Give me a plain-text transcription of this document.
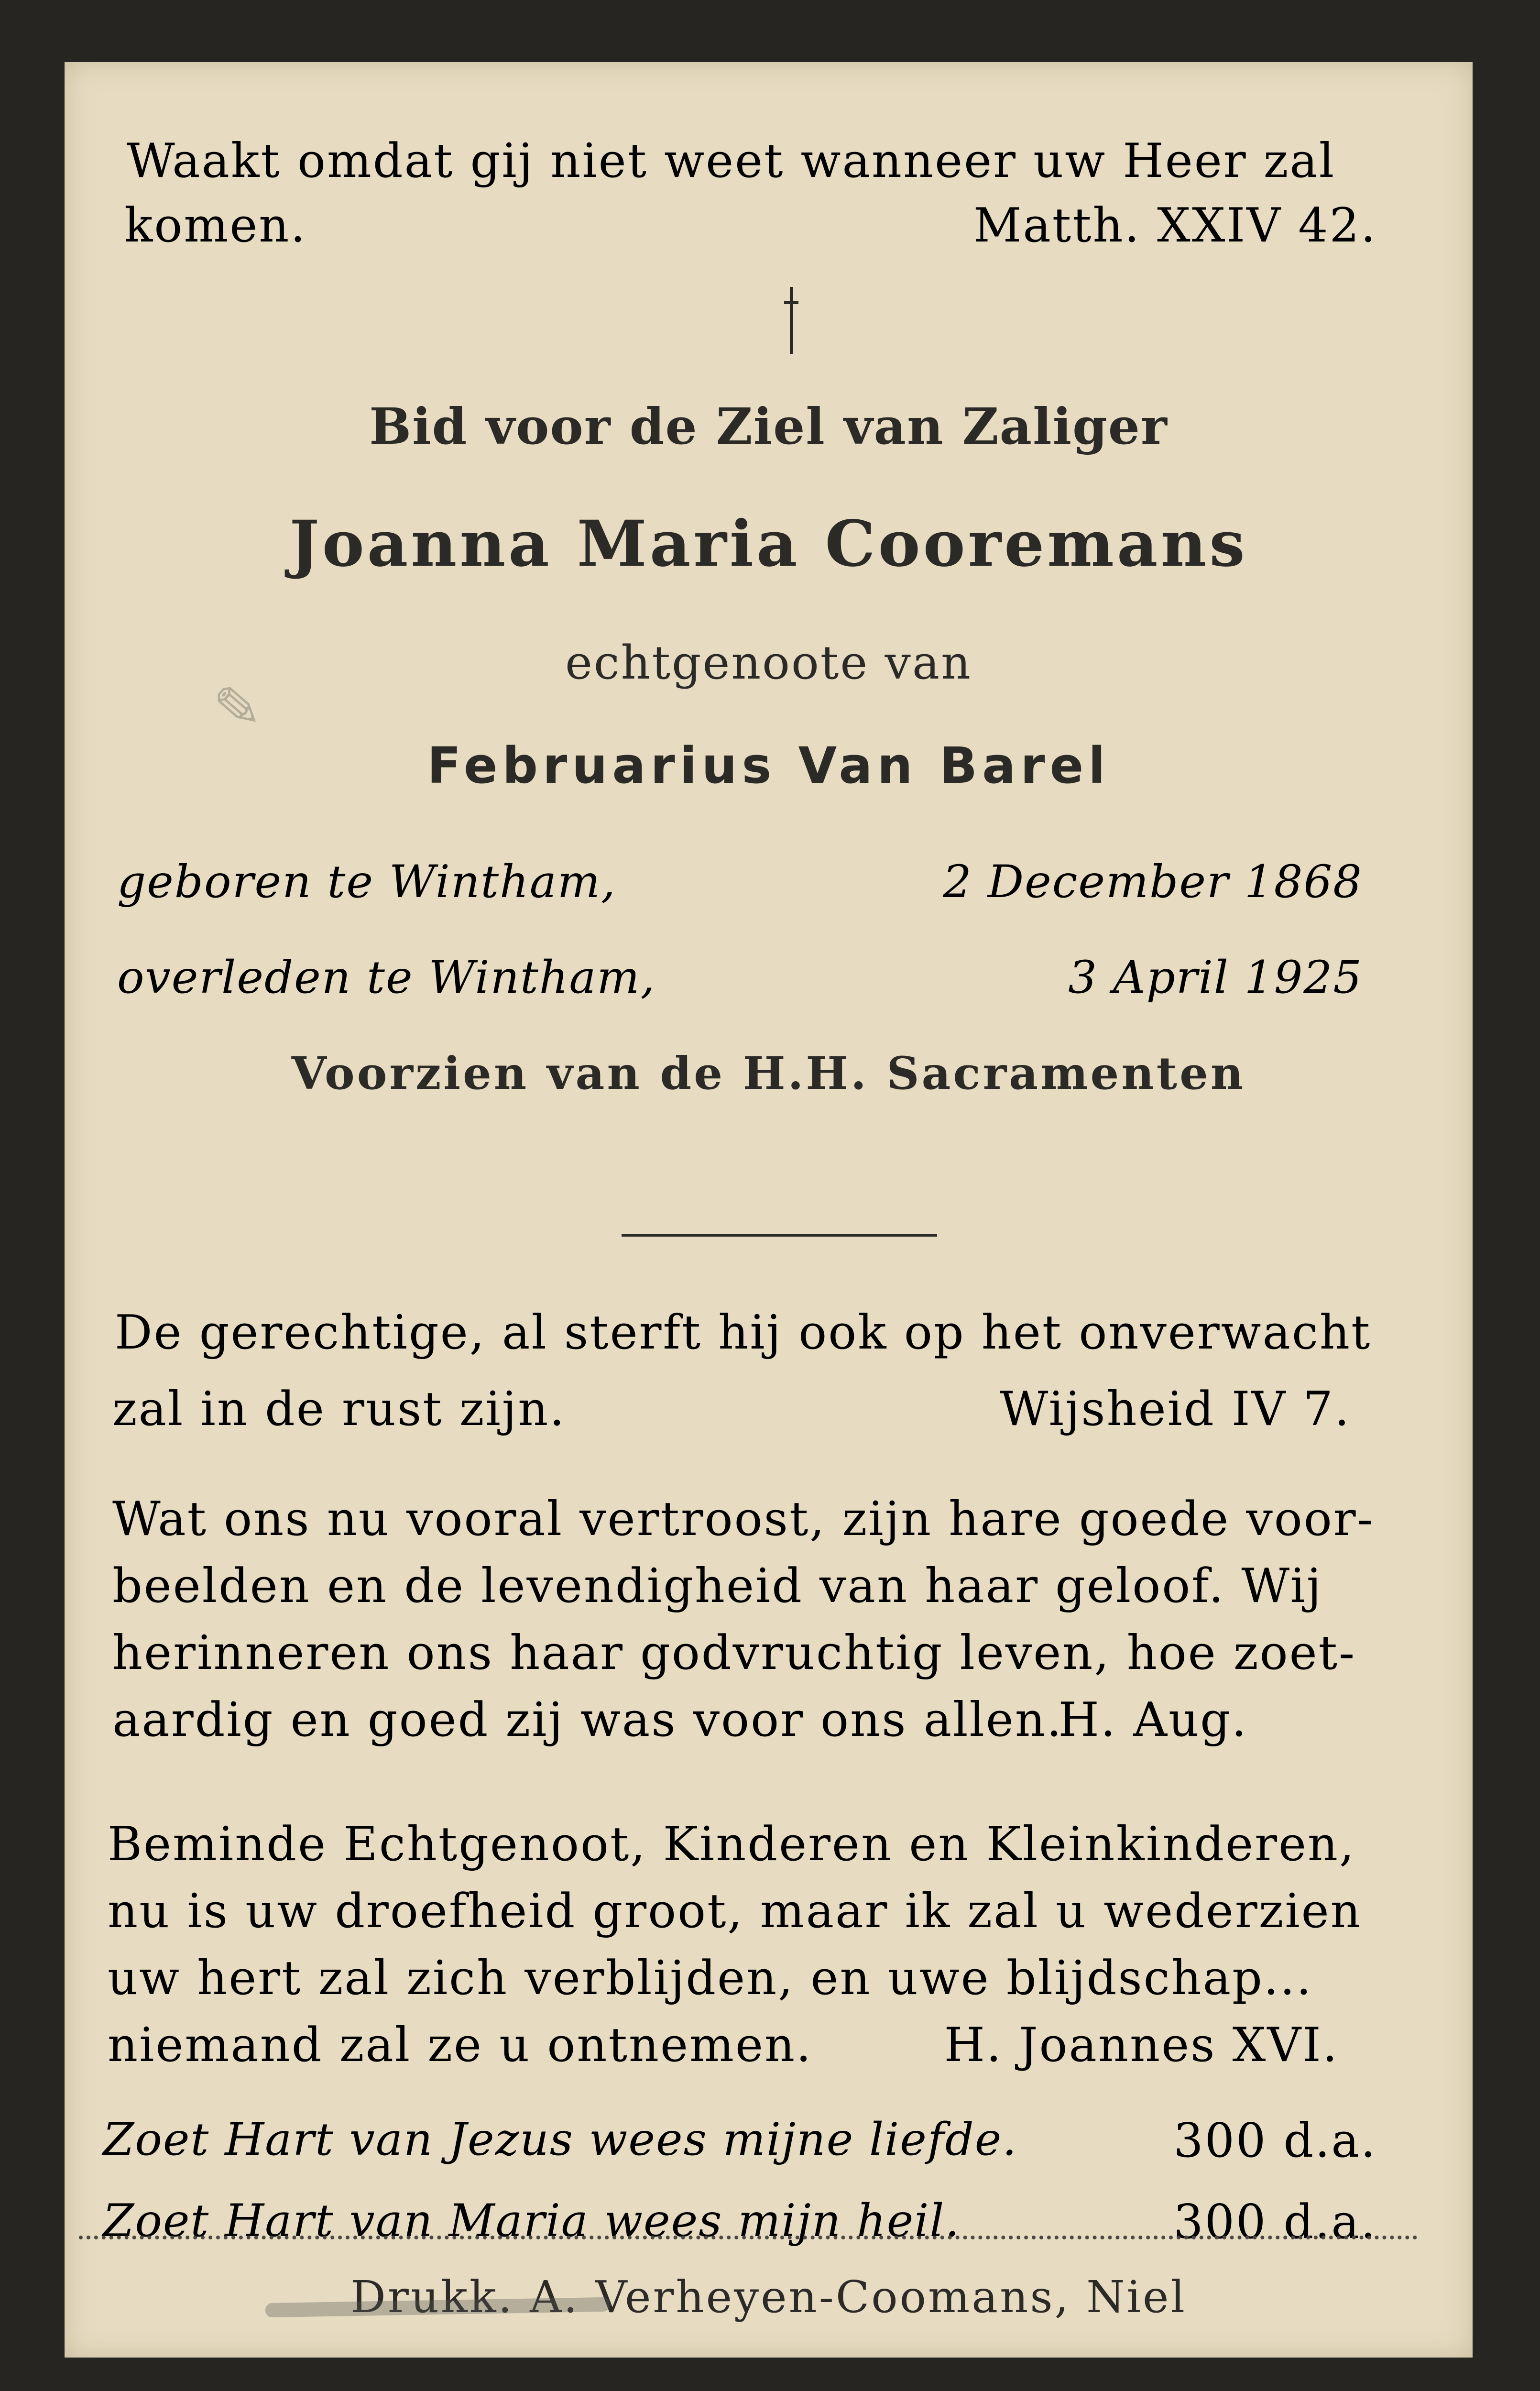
Waakt omdat gij niet weet wanneer uw Heer zal
komen.	Matth. XXIV 42.
Bid voor de Ziel van Zaliger
Joanna Maria Cooremans
✎
echtgenoote van
Februarius Van Barel
geboren te Wintham,	2 December 1868
overleden te Wintham,	3 April 1925
Voorzien van de H.H. Sacramenten
De gerechtige, al sterft hij ook op het onverwacht
zal in de rust zijn.	Wijsheid IV 7.
Wat ons nu vooral vertroost, zijn hare goede voor-
beelden en de levendigheid van haar geloof. Wij
herinneren ons haar godvruchtig leven, hoe zoet-
aardig en goed zij was voor ons allen.
H. Aug.
Beminde Echtgenoot, Kinderen en Kleinkinderen,
nu is uw droefheid groot, maar ik zal u wederzien
uw hert zal zich verblijden, en uwe blijdschap...
niemand zal ze u ontnemen.	H. Joannes XVI.
Zoet Hart van Jezus wees mijne liefde.	300 d.a.
Zoet Hart van Maria wees mijn heil.	300 d.a.
Drukk. A. Verheyen-Coomans, Niel
